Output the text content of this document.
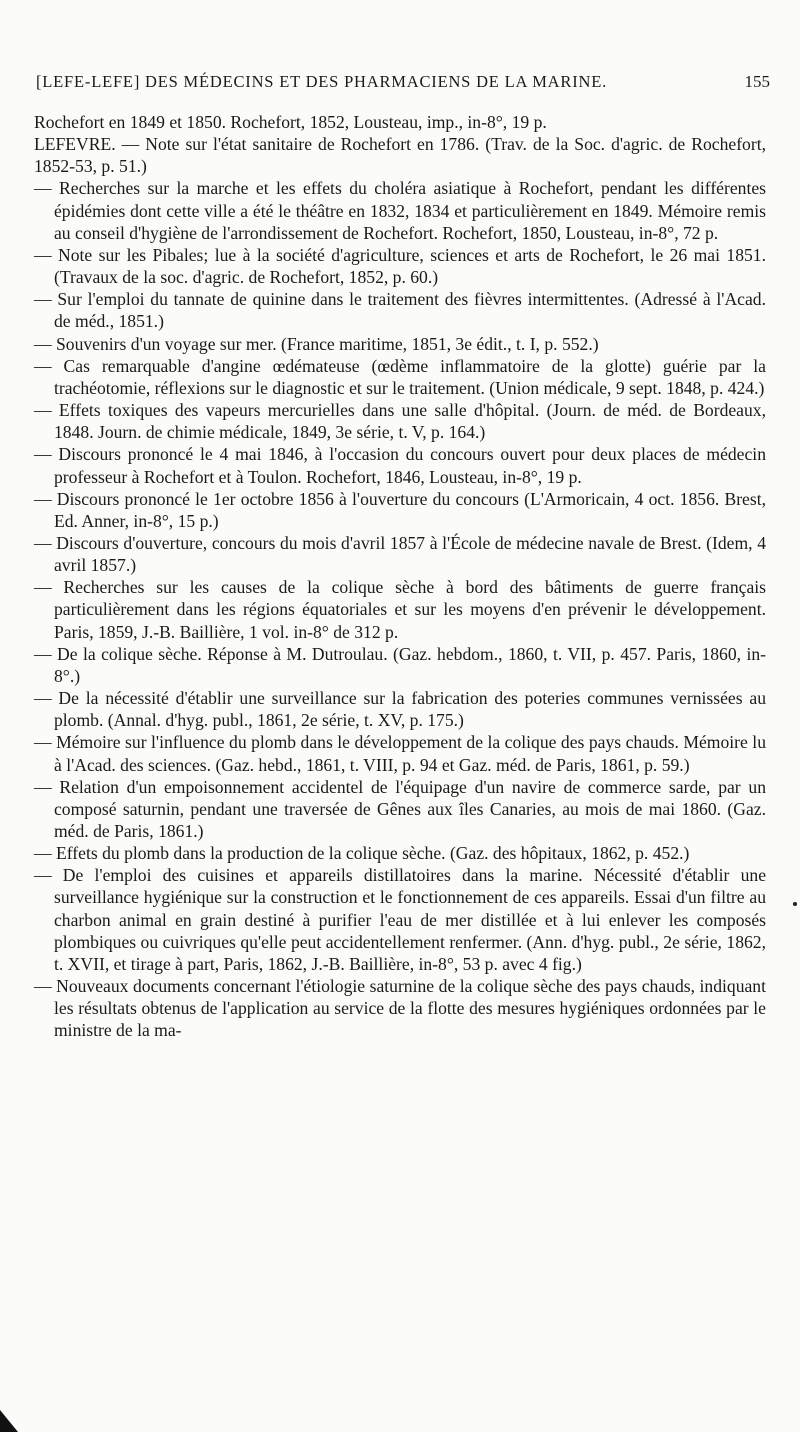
[LEFE-LEFE] DES MÉDECINS ET DES PHARMACIENS DE LA MARINE.	155

Rochefort en 1849 et 1850. Rochefort, 1852, Lousteau, imp., in-8°, 19 p.

LEFEVRE. — Note sur l'état sanitaire de Rochefort en 1786. (Trav. de la Soc. d'agric. de Rochefort, 1852-53, p. 51.)

— Recherches sur la marche et les effets du choléra asiatique à Rochefort, pendant les différentes épidémies dont cette ville a été le théâtre en 1832, 1834 et particulièrement en 1849. Mémoire remis au conseil d'hygiène de l'arrondissement de Rochefort. Rochefort, 1850, Lousteau, in-8°, 72 p.

— Note sur les Pibales; lue à la société d'agriculture, sciences et arts de Rochefort, le 26 mai 1851. (Travaux de la soc. d'agric. de Rochefort, 1852, p. 60.)

— Sur l'emploi du tannate de quinine dans le traitement des fièvres intermittentes. (Adressé à l'Acad. de méd., 1851.)

— Souvenirs d'un voyage sur mer. (France maritime, 1851, 3e édit., t. I, p. 552.)

— Cas remarquable d'angine œdémateuse (œdème inflammatoire de la glotte) guérie par la trachéotomie, réflexions sur le diagnostic et sur le traitement. (Union médicale, 9 sept. 1848, p. 424.)

— Effets toxiques des vapeurs mercurielles dans une salle d'hôpital. (Journ. de méd. de Bordeaux, 1848. Journ. de chimie médicale, 1849, 3e série, t. V, p. 164.)

— Discours prononcé le 4 mai 1846, à l'occasion du concours ouvert pour deux places de médecin professeur à Rochefort et à Toulon. Rochefort, 1846, Lousteau, in-8°, 19 p.

— Discours prononcé le 1er octobre 1856 à l'ouverture du concours (L'Armoricain, 4 oct. 1856. Brest, Ed. Anner, in-8°, 15 p.)

— Discours d'ouverture, concours du mois d'avril 1857 à l'École de médecine navale de Brest. (Idem, 4 avril 1857.)

— Recherches sur les causes de la colique sèche à bord des bâtiments de guerre français particulièrement dans les régions équatoriales et sur les moyens d'en prévenir le développement. Paris, 1859, J.-B. Baillière, 1 vol. in-8° de 312 p.

— De la colique sèche. Réponse à M. Dutroulau. (Gaz. hebdom., 1860, t. VII, p. 457. Paris, 1860, in-8°.)

— De la nécessité d'établir une surveillance sur la fabrication des poteries communes vernissées au plomb. (Annal. d'hyg. publ., 1861, 2e série, t. XV, p. 175.)

— Mémoire sur l'influence du plomb dans le développement de la colique des pays chauds. Mémoire lu à l'Acad. des sciences. (Gaz. hebd., 1861, t. VIII, p. 94 et Gaz. méd. de Paris, 1861, p. 59.)

— Relation d'un empoisonnement accidentel de l'équipage d'un navire de commerce sarde, par un composé saturnin, pendant une traversée de Gênes aux îles Canaries, au mois de mai 1860. (Gaz. méd. de Paris, 1861.)

— Effets du plomb dans la production de la colique sèche. (Gaz. des hôpitaux, 1862, p. 452.)

— De l'emploi des cuisines et appareils distillatoires dans la marine. Nécessité d'établir une surveillance hygiénique sur la construction et le fonctionnement de ces appareils. Essai d'un filtre au charbon animal en grain destiné à purifier l'eau de mer distillée et à lui enlever les composés plombiques ou cuivriques qu'elle peut accidentellement renfermer. (Ann. d'hyg. publ., 2e série, 1862, t. XVII, et tirage à part, Paris, 1862, J.-B. Baillière, in-8°, 53 p. avec 4 fig.)

— Nouveaux documents concernant l'étiologie saturnine de la colique sèche des pays chauds, indiquant les résultats obtenus de l'application au service de la flotte des mesures hygiéniques ordonnées par le ministre de la ma-
